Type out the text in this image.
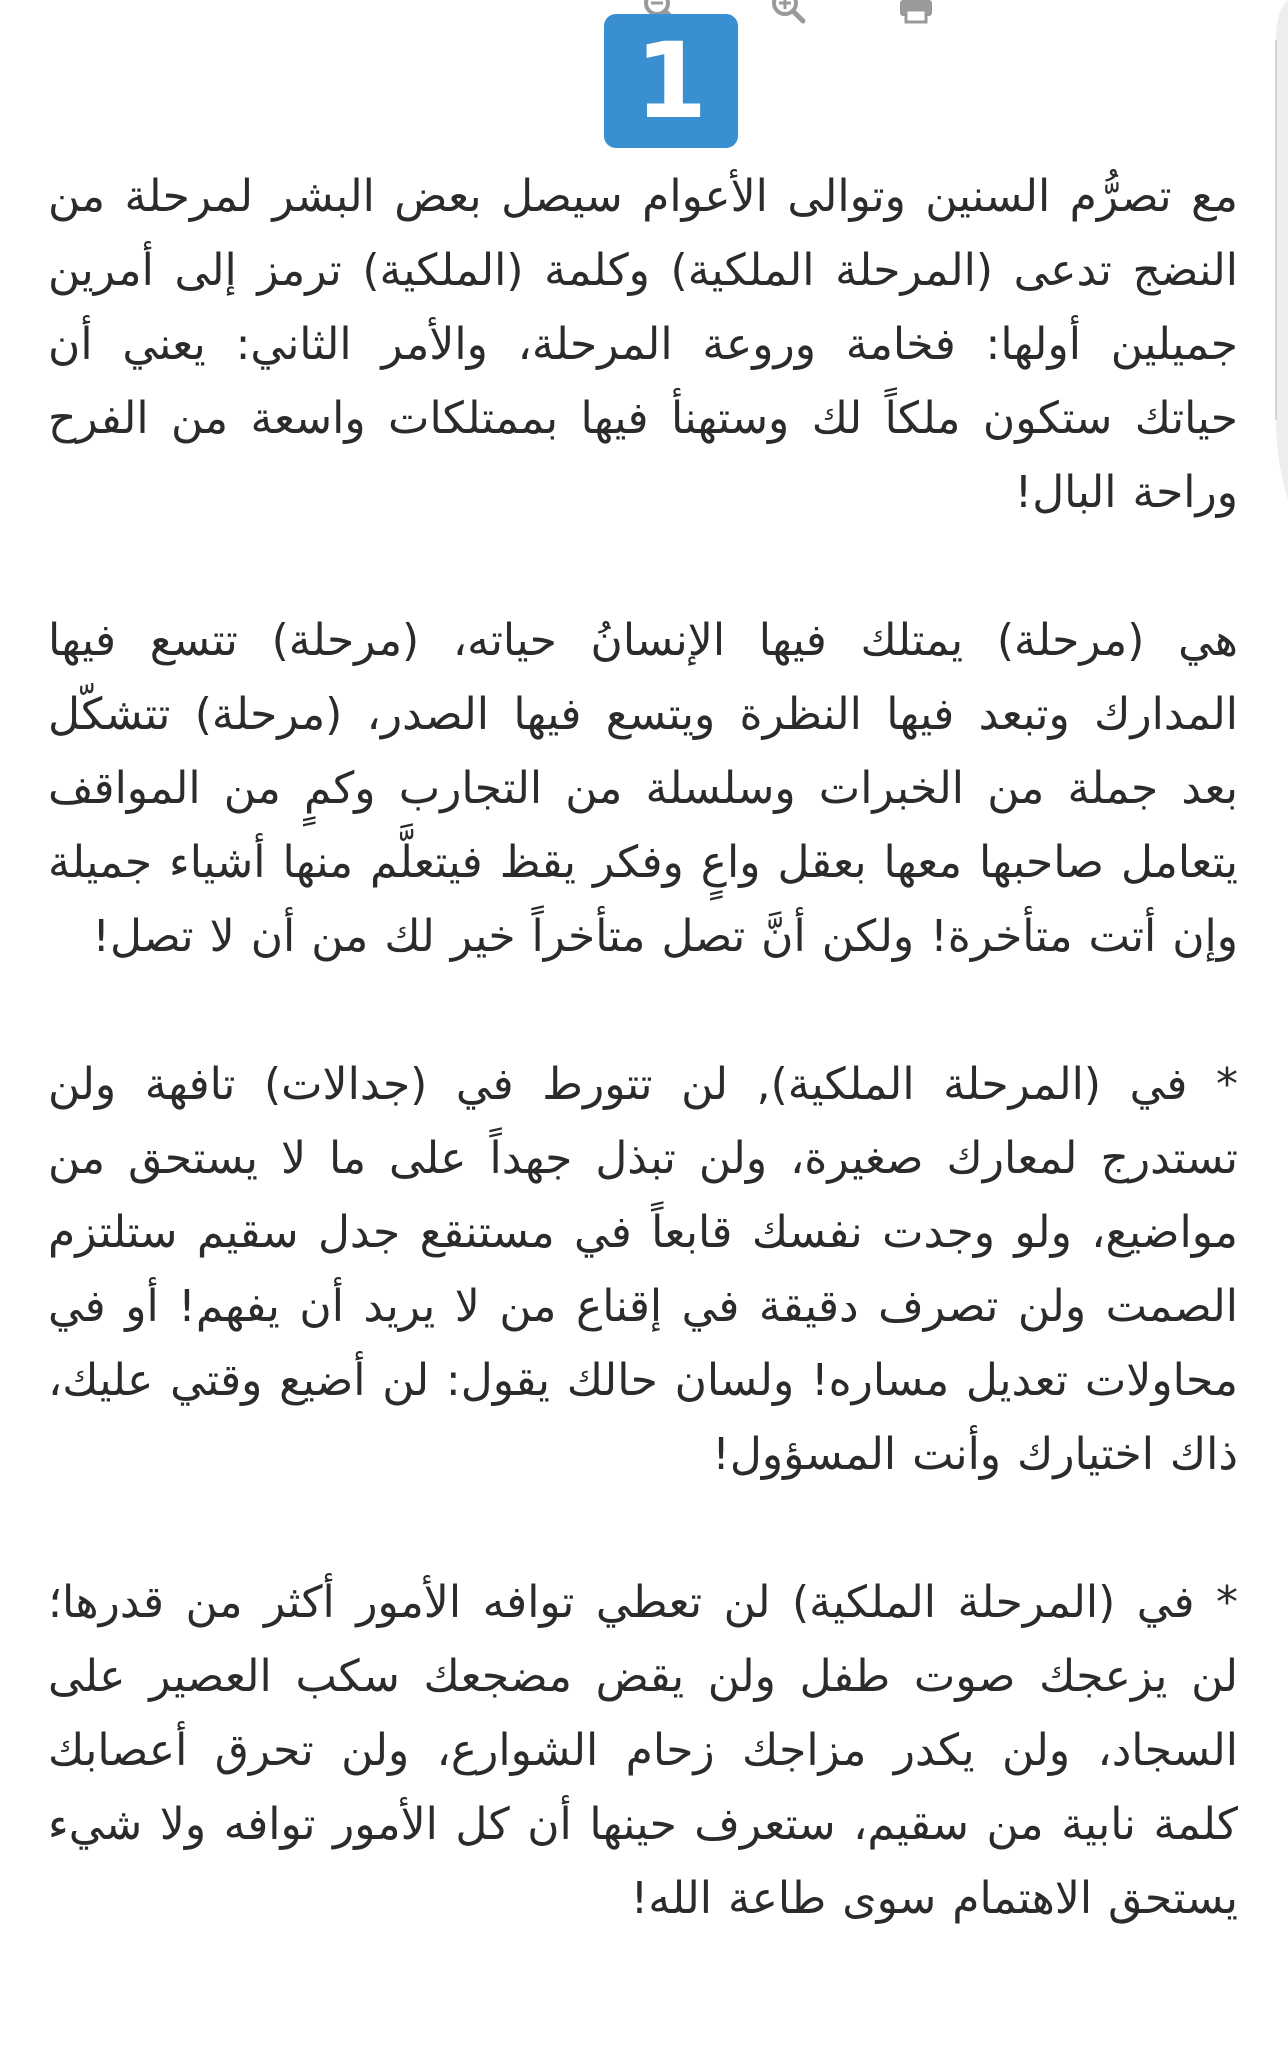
1

مع تصرُّم السنين وتوالى الأعوام سيصل بعض البشر لمرحلة من النضج تدعى (المرحلة الملكية) وكلمة (الملكية) ترمز إلى أمرين جميلين أولها: فخامة وروعة المرحلة، والأمر الثاني: يعني أن حياتك ستكون ملكاً لك وستهنأ فيها بممتلكات واسعة من الفرح وراحة البال!

هي (مرحلة) يمتلك فيها الإنسانُ حياته، (مرحلة) تتسع فيها المدارك وتبعد فيها النظرة ويتسع فيها الصدر، (مرحلة) تتشكّل بعد جملة من الخبرات وسلسلة من التجارب وكمٍ من المواقف يتعامل صاحبها معها بعقل واعٍ وفكر يقظ فيتعلَّم منها أشياء جميلة وإن أتت متأخرة! ولكن أنَّ تصل متأخراً خير لك من أن لا تصل!

* في (المرحلة الملكية), لن تتورط في (جدالات) تافهة ولن تستدرج لمعارك صغيرة، ولن تبذل جهداً على ما لا يستحق من مواضيع، ولو وجدت نفسك قابعاً في مستنقع جدل سقيم ستلتزم الصمت ولن تصرف دقيقة في إقناع من لا يريد أن يفهم! أو في محاولات تعديل مساره! ولسان حالك يقول: لن أضيع وقتي عليك، ذاك اختيارك وأنت المسؤول!

* في (المرحلة الملكية) لن تعطي توافه الأمور أكثر من قدرها؛ لن يزعجك صوت طفل ولن يقض مضجعك سكب العصير على السجاد، ولن يكدر مزاجك زحام الشوارع، ولن تحرق أعصابك كلمة نابية من سقيم، ستعرف حينها أن كل الأمور توافه ولا شيء يستحق الاهتمام سوى طاعة الله!
